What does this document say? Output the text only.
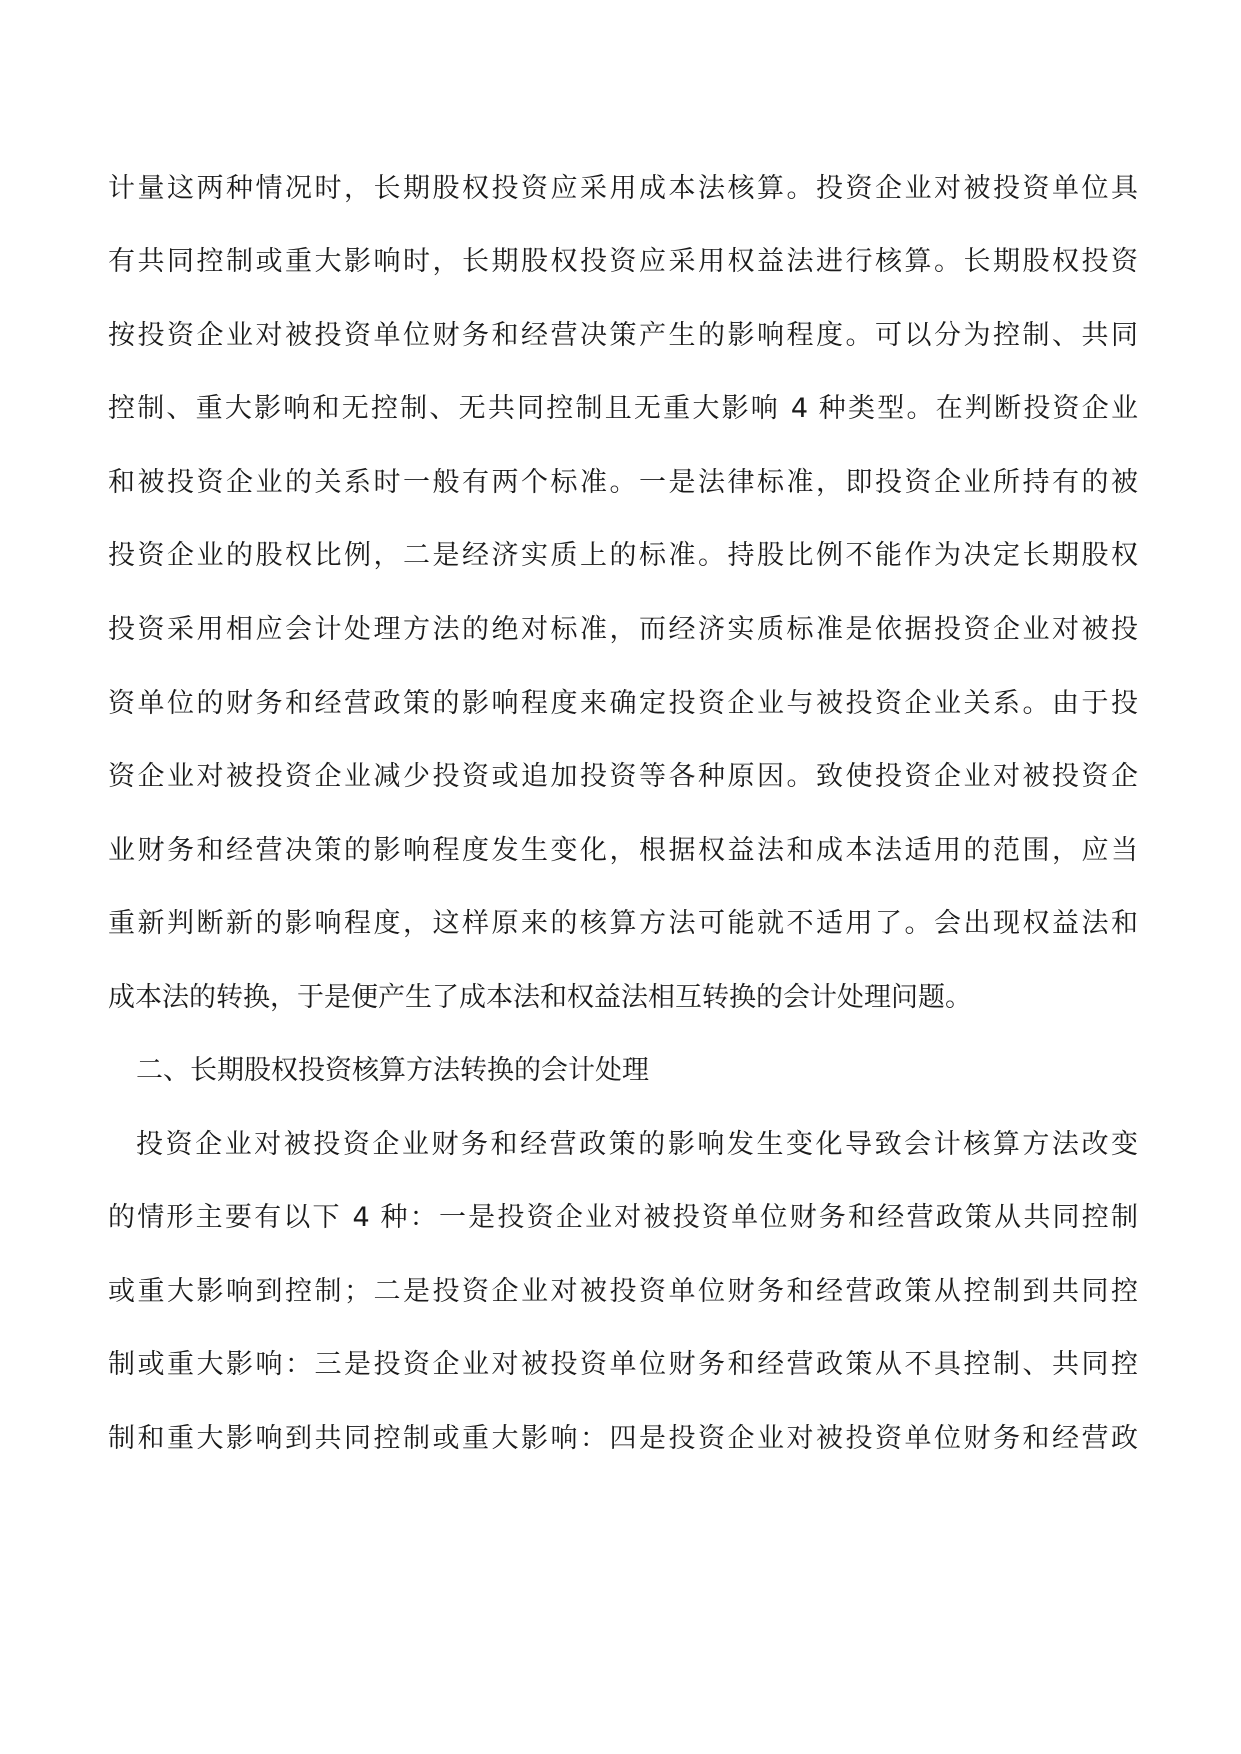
计量这两种情况时，长期股权投资应采用成本法核算。投资企业对被投资单位具

有共同控制或重大影响时，长期股权投资应采用权益法进行核算。长期股权投资

按投资企业对被投资单位财务和经营决策产生的影响程度。可以分为控制、共同

控制、重大影响和无控制、无共同控制且无重大影响 4 种类型。在判断投资企业

和被投资企业的关系时一般有两个标准。一是法律标准，即投资企业所持有的被

投资企业的股权比例，二是经济实质上的标准。持股比例不能作为决定长期股权

投资采用相应会计处理方法的绝对标准，而经济实质标准是依据投资企业对被投

资单位的财务和经营政策的影响程度来确定投资企业与被投资企业关系。由于投

资企业对被投资企业减少投资或追加投资等各种原因。致使投资企业对被投资企

业财务和经营决策的影响程度发生变化，根据权益法和成本法适用的范围，应当

重新判断新的影响程度，这样原来的核算方法可能就不适用了。会出现权益法和

成本法的转换，于是便产生了成本法和权益法相互转换的会计处理问题。

二、长期股权投资核算方法转换的会计处理

投资企业对被投资企业财务和经营政策的影响发生变化导致会计核算方法改变

的情形主要有以下 4 种：一是投资企业对被投资单位财务和经营政策从共同控制

或重大影响到控制；二是投资企业对被投资单位财务和经营政策从控制到共同控

制或重大影响：三是投资企业对被投资单位财务和经营政策从不具控制、共同控

制和重大影响到共同控制或重大影响：四是投资企业对被投资单位财务和经营政
